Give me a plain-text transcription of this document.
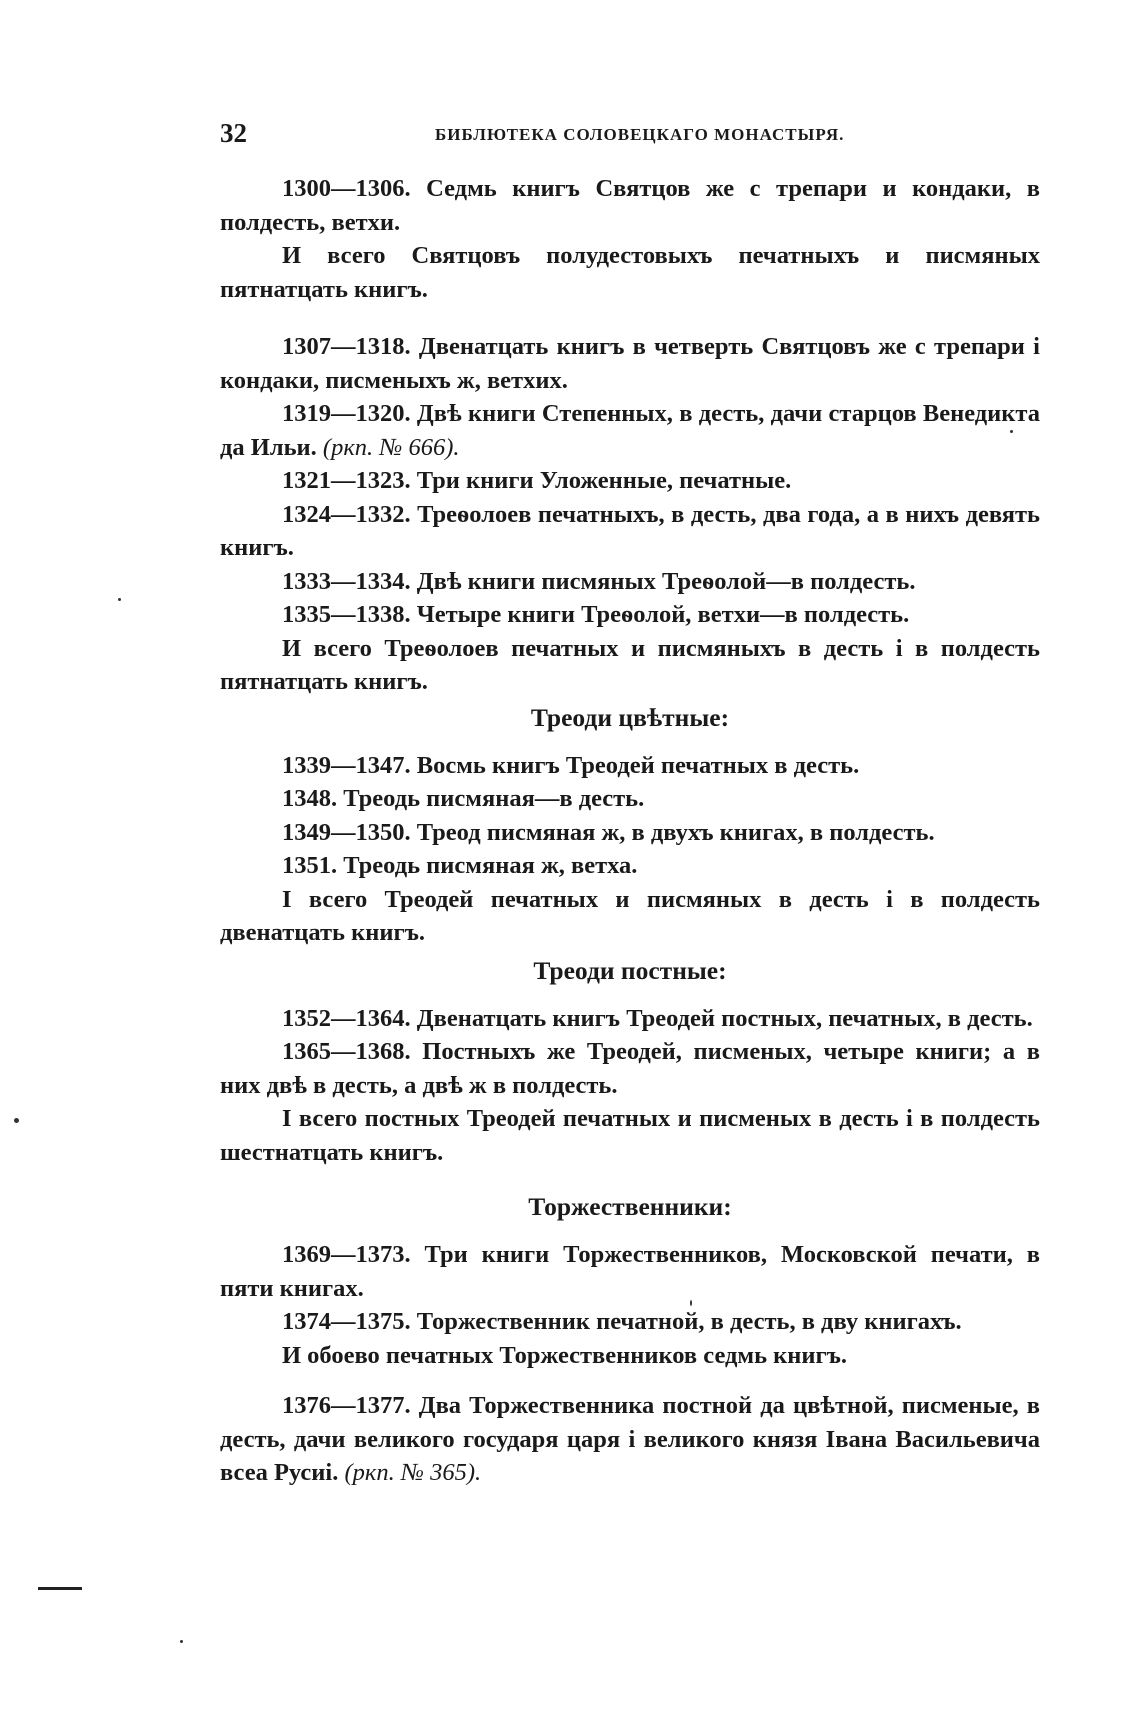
32	БИБЛЮТЕКА СОЛОВЕЦКАГО МОНАСТЫРЯ.

1300—1306. Седмь книгъ Святцов же с трепари и кондаки, в полдесть, ветхи.

И всего Святцовъ полудестовыхъ печатныхъ и писмяных пятнатцать книгъ.

1307—1318. Двенатцать книгъ в четверть Святцовъ же с трепари і кондаки, писменыхъ ж, ветхих.

1319—1320. Двѣ книги Степенных, в десть, дачи старцов Венедикта да Ильи. (ркп. № 666).

1321—1323. Три книги Уложенные, печатные.

1324—1332. Треѳолоев печатныхъ, в десть, два года, а в нихъ девять книгъ.

1333—1334. Двѣ книги писмяных Треѳолой—в полдесть.

1335—1338. Четыре книги Треѳолой, ветхи—в полдесть.

И всего Треѳолоев печатных и писмяныхъ в десть і в полдесть пятнатцать книгъ.

Треоди цвѣтные:

1339—1347. Восмь книгъ Треодей печатных в десть.

1348. Треодь писмяная—в десть.

1349—1350. Треод писмяная ж, в двухъ книгах, в полдесть.

1351. Треодь писмяная ж, ветха.

І всего Треодей печатных и писмяных в десть і в полдесть двенатцать книгъ.

Треоди постные:

1352—1364. Двенатцать книгъ Треодей постных, печатных, в десть.

1365—1368. Постныхъ же Треодей, писменых, четыре книги; а в них двѣ в десть, а двѣ ж в полдесть.

І всего постных Треодей печатных и писменых в десть і в полдесть шестнатцать книгъ.

Торжественники:

1369—1373. Три книги Торжественников, Московской печати, в пяти книгах.

1374—1375. Торжественник печатной, в десть, в дву книгахъ.

И обоево печатных Торжественников седмь книгъ.

1376—1377. Два Торжественника постной да цвѣтной, писменые, в десть, дачи великого государя царя і великого князя Івана Васильевича всеа Русиі. (ркп. № 365).
